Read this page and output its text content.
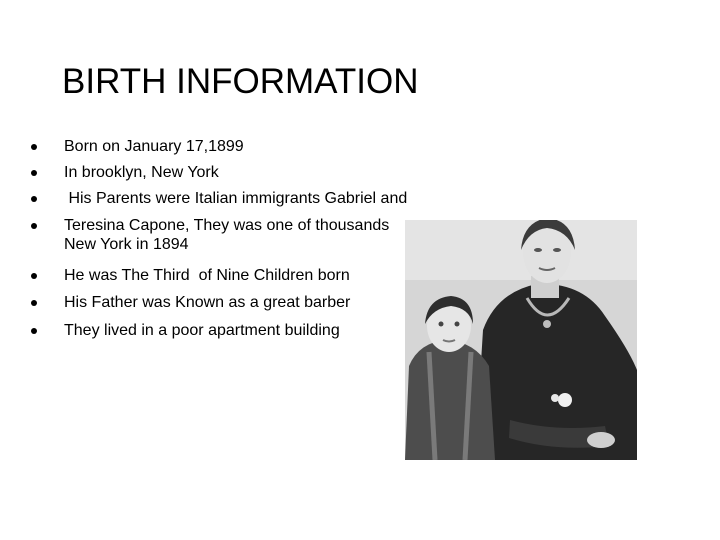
BIRTH INFORMATION
Born on January 17,1899
In brooklyn, New York
His Parents were Italian immigrants Gabriel and
Teresina Capone, They was one of thousands
New York in 1894
He was The Third  of Nine Children born
His Father was Known as a great barber
They lived in a poor apartment building
